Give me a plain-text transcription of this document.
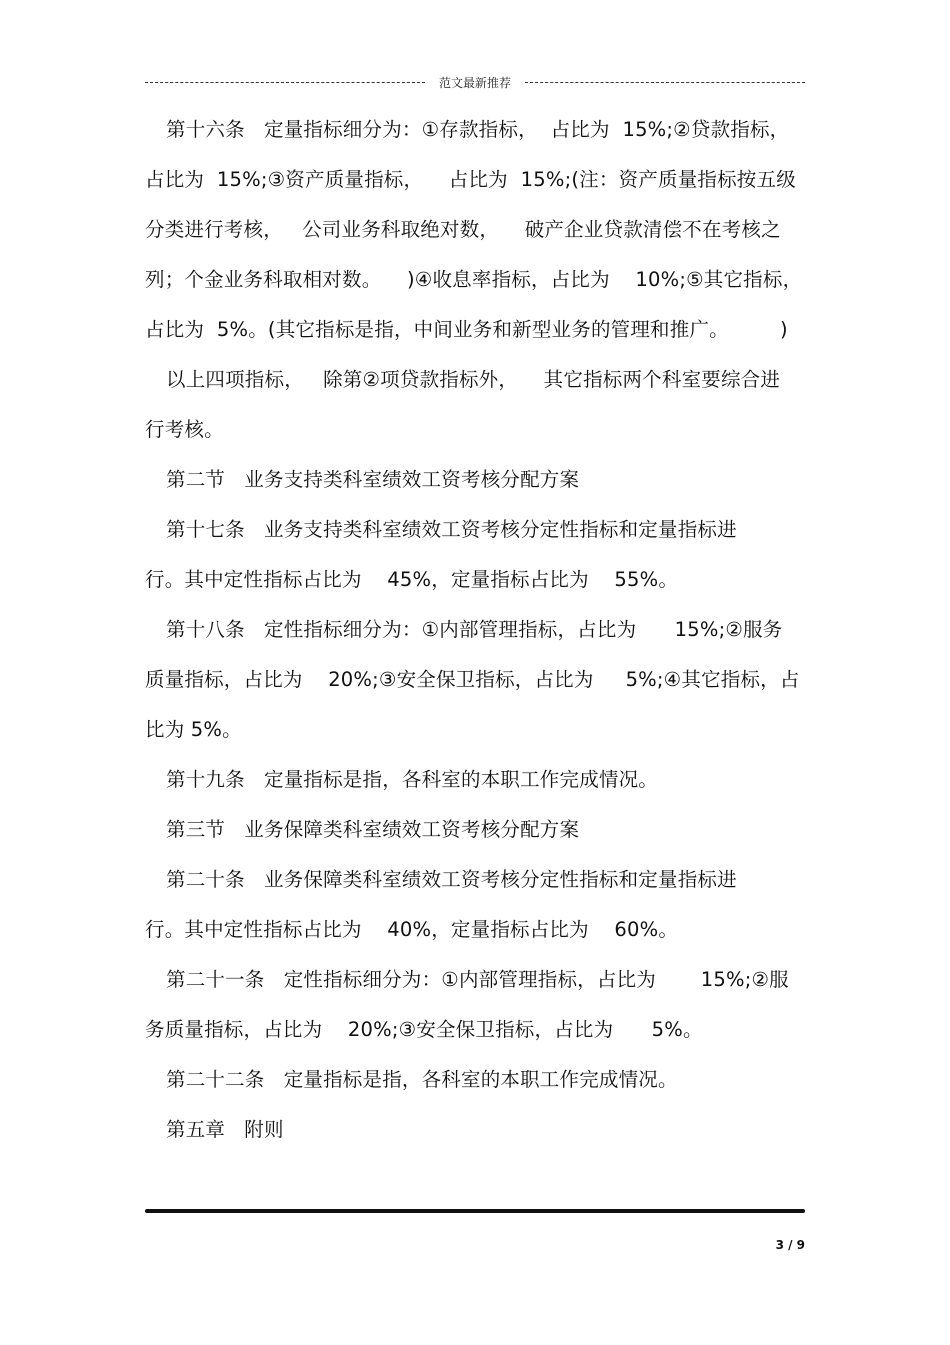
范文最新推荐
第十六条   定量指标细分为：①存款指标，  占比为  15%;②贷款指标，
占比为  15%;③资产质量指标，    占比为  15%;(注：资产质量指标按五级
分类进行考核，   公司业务科取绝对数，    破产企业贷款清偿不在考核之
列；个金业务科取相对数。    )④收息率指标，占比为    10%;⑤其它指标，
占比为  5%。(其它指标是指，中间业务和新型业务的管理和推广。        )
以上四项指标，   除第②项贷款指标外，    其它指标两个科室要综合进
行考核。
第二节   业务支持类科室绩效工资考核分配方案
第十七条   业务支持类科室绩效工资考核分定性指标和定量指标进
行。其中定性指标占比为    45%，定量指标占比为    55%。
第十八条   定性指标细分为：①内部管理指标，占比为      15%;②服务
质量指标，占比为    20%;③安全保卫指标，占比为     5%;④其它指标，占
比为 5%。
第十九条   定量指标是指，各科室的本职工作完成情况。
第三节   业务保障类科室绩效工资考核分配方案
第二十条   业务保障类科室绩效工资考核分定性指标和定量指标进
行。其中定性指标占比为    40%，定量指标占比为    60%。
第二十一条   定性指标细分为：①内部管理指标，占比为       15%;②服
务质量指标，占比为    20%;③安全保卫指标，占比为      5%。
第二十二条   定量指标是指，各科室的本职工作完成情况。
第五章   附则
3 / 9
